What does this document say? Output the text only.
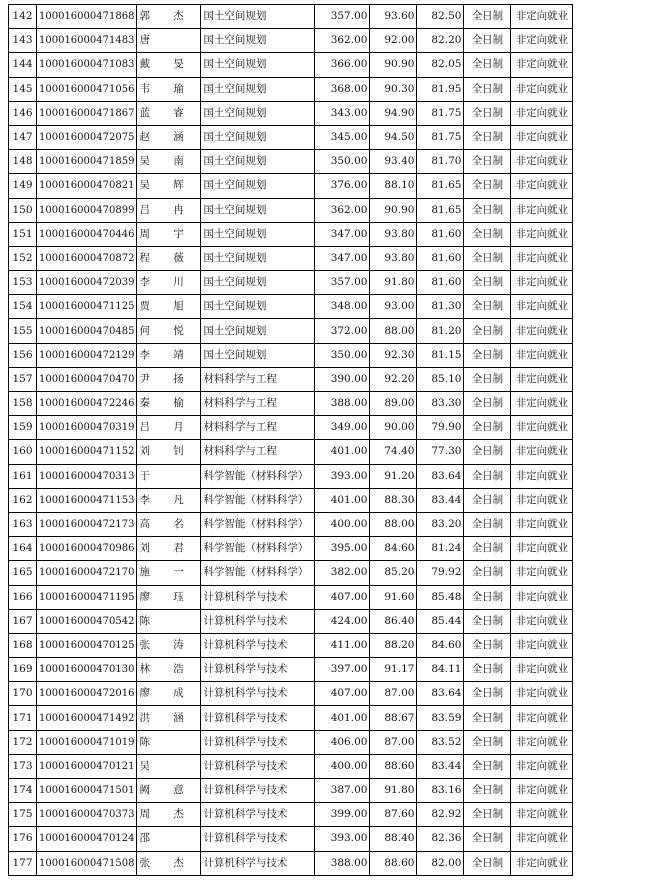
142	100016000471868	郭 杰	国土空间规划	357.00	93.60	82.50	全日制	非定向就业
143	100016000471483	唐	国土空间规划	362.00	92.00	82.20	全日制	非定向就业
144	100016000471083	戴 旻	国土空间规划	366.00	90.90	82.05	全日制	非定向就业
145	100016000471056	韦 瑜	国土空间规划	368.00	90.30	81.95	全日制	非定向就业
146	100016000471867	蓝 睿	国土空间规划	343.00	94.90	81.75	全日制	非定向就业
147	100016000472075	赵 涵	国土空间规划	345.00	94.50	81.75	全日制	非定向就业
148	100016000471859	吴 南	国土空间规划	350.00	93.40	81.70	全日制	非定向就业
149	100016000470821	吴 辉	国土空间规划	376.00	88.10	81.65	全日制	非定向就业
150	100016000470899	吕 冉	国土空间规划	362.00	90.90	81.65	全日制	非定向就业
151	100016000470446	周 宇	国土空间规划	347.00	93.80	81.60	全日制	非定向就业
152	100016000470872	程 薇	国土空间规划	347.00	93.80	81.60	全日制	非定向就业
153	100016000472039	李 川	国土空间规划	357.00	91.80	81.60	全日制	非定向就业
154	100016000471125	贾 旭	国土空间规划	348.00	93.00	81.30	全日制	非定向就业
155	100016000470485	何 悦	国土空间规划	372.00	88.00	81.20	全日制	非定向就业
156	100016000472129	李 靖	国土空间规划	350.00	92.30	81.15	全日制	非定向就业
157	100016000470470	尹 扬	材料科学与工程	390.00	92.20	85.10	全日制	非定向就业
158	100016000472246	秦 榆	材料科学与工程	388.00	89.00	83.30	全日制	非定向就业
159	100016000470319	吕 月	材料科学与工程	349.00	90.00	79.90	全日制	非定向就业
160	100016000471152	刘 钊	材料科学与工程	401.00	74.40	77.30	全日制	非定向就业
161	100016000470313	于	科学智能（材料科学）	393.00	91.20	83.64	全日制	非定向就业
162	100016000471153	李 凡	科学智能（材料科学）	401.00	88.30	83.44	全日制	非定向就业
163	100016000472173	高 名	科学智能（材料科学）	400.00	88.00	83.20	全日制	非定向就业
164	100016000470986	刘 君	科学智能（材料科学）	395.00	84.60	81.24	全日制	非定向就业
165	100016000472170	施 一	科学智能（材料科学）	382.00	85.20	79.92	全日制	非定向就业
166	100016000471195	廖 珏	计算机科学与技术	407.00	91.60	85.48	全日制	非定向就业
167	100016000470542	陈	计算机科学与技术	424.00	86.40	85.44	全日制	非定向就业
168	100016000470125	张 涛	计算机科学与技术	411.00	88.20	84.60	全日制	非定向就业
169	100016000470130	林 浩	计算机科学与技术	397.00	91.17	84.11	全日制	非定向就业
170	100016000472016	廖 成	计算机科学与技术	407.00	87.00	83.64	全日制	非定向就业
171	100016000471492	洪 涵	计算机科学与技术	401.00	88.67	83.59	全日制	非定向就业
172	100016000471019	陈	计算机科学与技术	406.00	87.00	83.52	全日制	非定向就业
173	100016000470121	吴	计算机科学与技术	400.00	88.60	83.44	全日制	非定向就业
174	100016000471501	阙 意	计算机科学与技术	387.00	91.80	83.16	全日制	非定向就业
175	100016000470373	周 杰	计算机科学与技术	399.00	87.60	82.92	全日制	非定向就业
176	100016000470124	邵	计算机科学与技术	393.00	88.40	82.36	全日制	非定向就业
177	100016000471508	张 杰	计算机科学与技术	388.00	88.60	82.00	全日制	非定向就业
